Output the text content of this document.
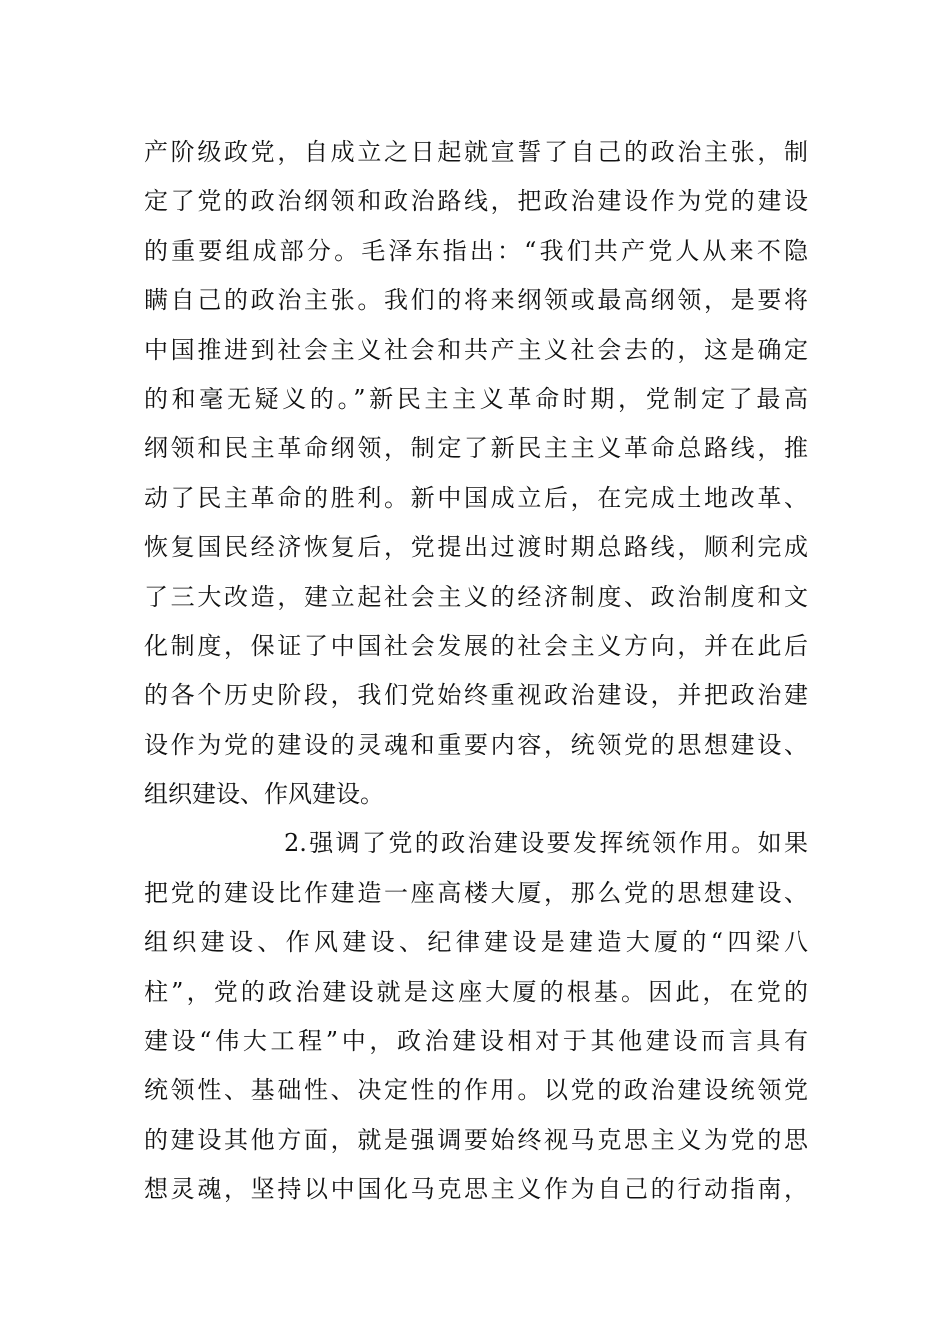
产阶级政党，自成立之日起就宣誓了自己的政治主张，制
定了党的政治纲领和政治路线，把政治建设作为党的建设
的重要组成部分。毛泽东指出：“我们共产党人从来不隐
瞒自己的政治主张。我们的将来纲领或最高纲领，是要将
中国推进到社会主义社会和共产主义社会去的，这是确定
的和毫无疑义的。”新民主主义革命时期，党制定了最高
纲领和民主革命纲领，制定了新民主主义革命总路线，推
动了民主革命的胜利。新中国成立后，在完成土地改革、
恢复国民经济恢复后，党提出过渡时期总路线，顺利完成
了三大改造，建立起社会主义的经济制度、政治制度和文
化制度，保证了中国社会发展的社会主义方向，并在此后
的各个历史阶段，我们党始终重视政治建设，并把政治建
设作为党的建设的灵魂和重要内容，统领党的思想建设、
组织建设、作风建设。
2.强调了党的政治建设要发挥统领作用。如果
把党的建设比作建造一座高楼大厦，那么党的思想建设、
组织建设、作风建设、纪律建设是建造大厦的“四梁八
柱”，党的政治建设就是这座大厦的根基。因此，在党的
建设“伟大工程”中，政治建设相对于其他建设而言具有
统领性、基础性、决定性的作用。以党的政治建设统领党
的建设其他方面，就是强调要始终视马克思主义为党的思
想灵魂，坚持以中国化马克思主义作为自己的行动指南，
